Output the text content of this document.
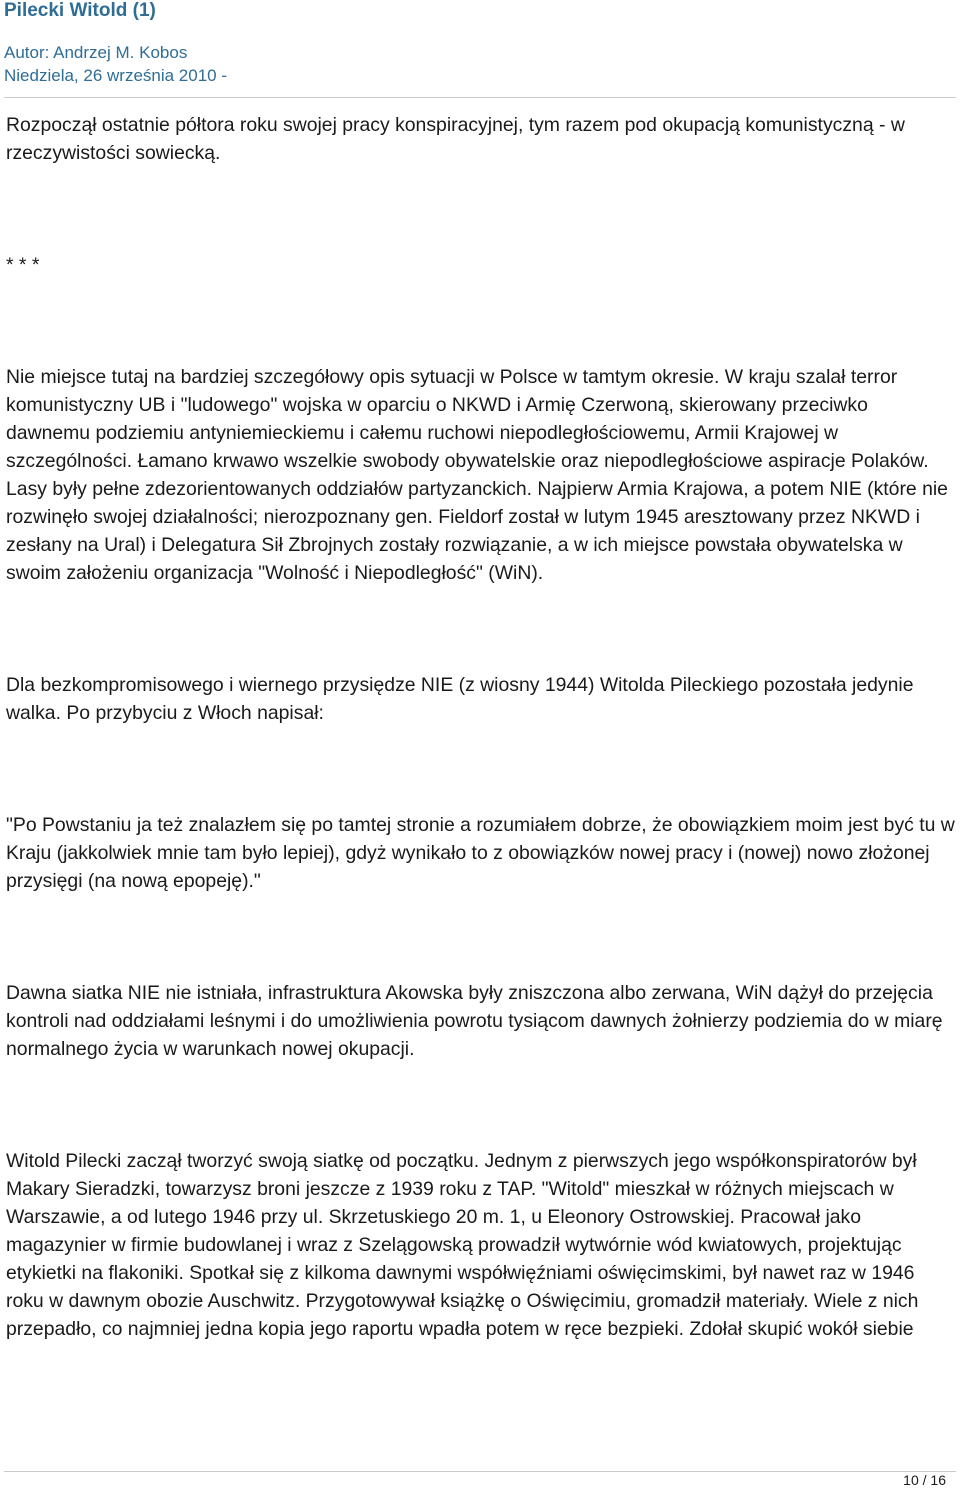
Pilecki Witold (1)
Autor: Andrzej M. Kobos
Niedziela, 26 września 2010 -

Rozpoczął ostatnie półtora roku swojej pracy konspiracyjnej, tym razem pod okupacją komunistyczną - w rzeczywistości sowiecką.

* * *

Nie miejsce tutaj na bardziej szczegółowy opis sytuacji w Polsce w tamtym okresie. W kraju szalał terror komunistyczny UB i "ludowego" wojska w oparciu o NKWD i Armię Czerwoną, skierowany przeciwko dawnemu podziemiu antyniemieckiemu i całemu ruchowi niepodległościowemu, Armii Krajowej w szczególności. Łamano krwawo wszelkie swobody obywatelskie oraz niepodległościowe aspiracje Polaków. Lasy były pełne zdezorientowanych oddziałów partyzanckich. Najpierw Armia Krajowa, a potem NIE (które nie rozwinęło swojej działalności; nierozpoznany gen. Fieldorf został w lutym 1945 aresztowany przez NKWD i zesłany na Ural) i Delegatura Sił Zbrojnych zostały rozwiązanie, a w ich miejsce powstała obywatelska w swoim założeniu organizacja "Wolność i Niepodległość" (WiN).

Dla bezkompromisowego i wiernego przysiędze NIE (z wiosny 1944) Witolda Pileckiego pozostała jedynie walka. Po przybyciu z Włoch napisał:

"Po Powstaniu ja też znalazłem się po tamtej stronie a rozumiałem dobrze, że obowiązkiem moim jest być tu w Kraju (jakkolwiek mnie tam było lepiej), gdyż wynikało to z obowiązków nowej pracy i (nowej) nowo złożonej przysięgi (na nową epopeję)."

Dawna siatka NIE nie istniała, infrastruktura Akowska były zniszczona albo zerwana, WiN dążył do przejęcia kontroli nad oddziałami leśnymi i do umożliwienia powrotu tysiącom dawnych żołnierzy podziemia do w miarę normalnego życia w warunkach nowej okupacji.

Witold Pilecki zaczął tworzyć swoją siatkę od początku. Jednym z pierwszych jego współkonspiratorów był Makary Sieradzki, towarzysz broni jeszcze z 1939 roku z TAP. "Witold" mieszkał w różnych miejscach w Warszawie, a od lutego 1946 przy ul. Skrzetuskiego 20 m. 1, u Eleonory Ostrowskiej. Pracował jako magazynier w firmie budowlanej i wraz z Szelągowską prowadził wytwórnie wód kwiatowych, projektując etykietki na flakoniki. Spotkał się z kilkoma dawnymi współwięźniami oświęcimskimi, był nawet raz w 1946 roku w dawnym obozie Auschwitz. Przygotowywał książkę o Oświęcimiu, gromadził materiały. Wiele z nich przepadło, co najmniej jedna kopia jego raportu wpadła potem w ręce bezpieki. Zdołał skupić wokół siebie

10 / 16
